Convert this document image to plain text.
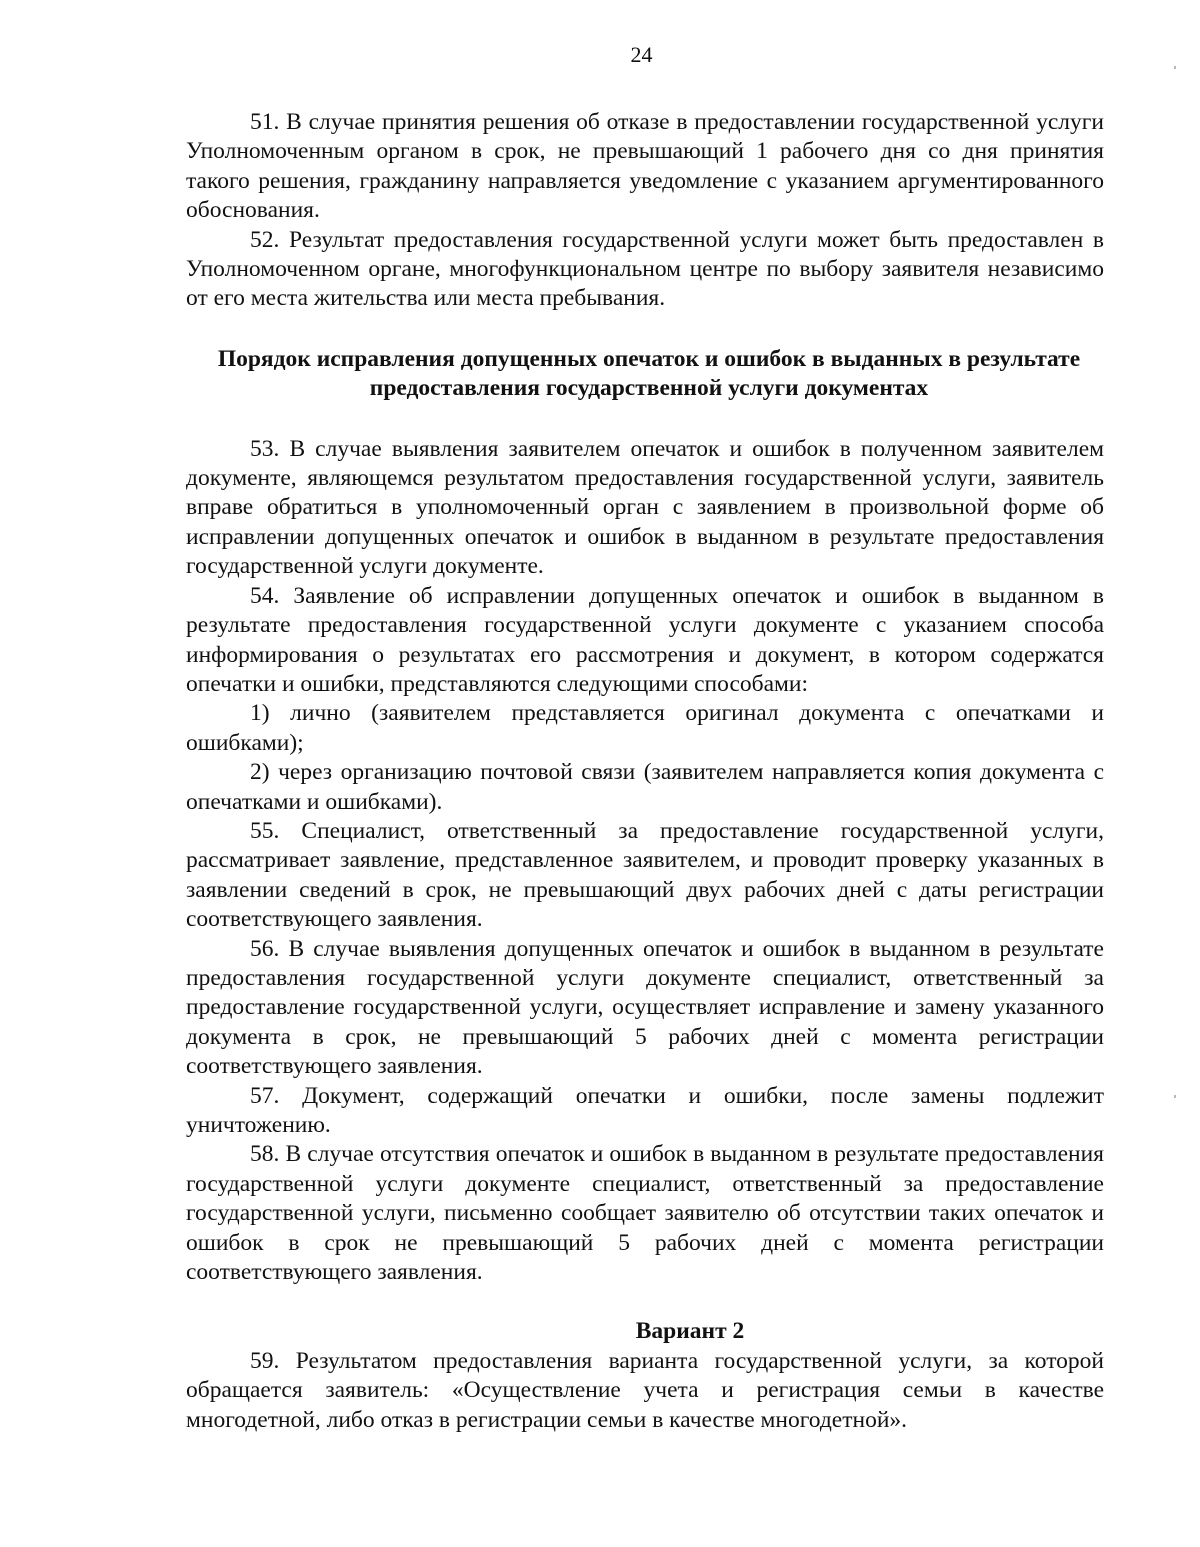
24

51. В случае принятия решения об отказе в предоставлении государственной услуги Уполномоченным органом в срок, не превышающий 1 рабочего дня со дня принятия такого решения, гражданину направляется уведомление с указанием аргументированного обоснования.

52. Результат предоставления государственной услуги может быть предоставлен в Уполномоченном органе, многофункциональном центре по выбору заявителя независимо от его места жительства или места пребывания.

Порядок исправления допущенных опечаток и ошибок в выданных в результате предоставления государственной услуги документах

53. В случае выявления заявителем опечаток и ошибок в полученном заявителем документе, являющемся результатом предоставления государственной услуги, заявитель вправе обратиться в уполномоченный орган с заявлением в произвольной форме об исправлении допущенных опечаток и ошибок в выданном в результате предоставления государственной услуги документе.

54. Заявление об исправлении допущенных опечаток и ошибок в выданном в результате предоставления государственной услуги документе с указанием способа информирования о результатах его рассмотрения и документ, в котором содержатся опечатки и ошибки, представляются следующими способами:

1) лично (заявителем представляется оригинал документа с опечатками и ошибками);

2) через организацию почтовой связи (заявителем направляется копия документа с опечатками и ошибками).

55. Специалист, ответственный за предоставление государственной услуги, рассматривает заявление, представленное заявителем, и проводит проверку указанных в заявлении сведений в срок, не превышающий двух рабочих дней с даты регистрации соответствующего заявления.

56. В случае выявления допущенных опечаток и ошибок в выданном в результате предоставления государственной услуги документе специалист, ответственный за предоставление государственной услуги, осуществляет исправление и замену указанного документа в срок, не превышающий 5 рабочих дней с момента регистрации соответствующего заявления.

57. Документ, содержащий опечатки и ошибки, после замены подлежит уничтожению.

58. В случае отсутствия опечаток и ошибок в выданном в результате предоставления государственной услуги документе специалист, ответственный за предоставление государственной услуги, письменно сообщает заявителю об отсутствии таких опечаток и ошибок в срок не превышающий 5 рабочих дней с момента регистрации соответствующего заявления.

Вариант 2

59. Результатом предоставления варианта государственной услуги, за которой обращается заявитель: «Осуществление учета и регистрация семьи в качестве многодетной, либо отказ в регистрации семьи в качестве многодетной».
